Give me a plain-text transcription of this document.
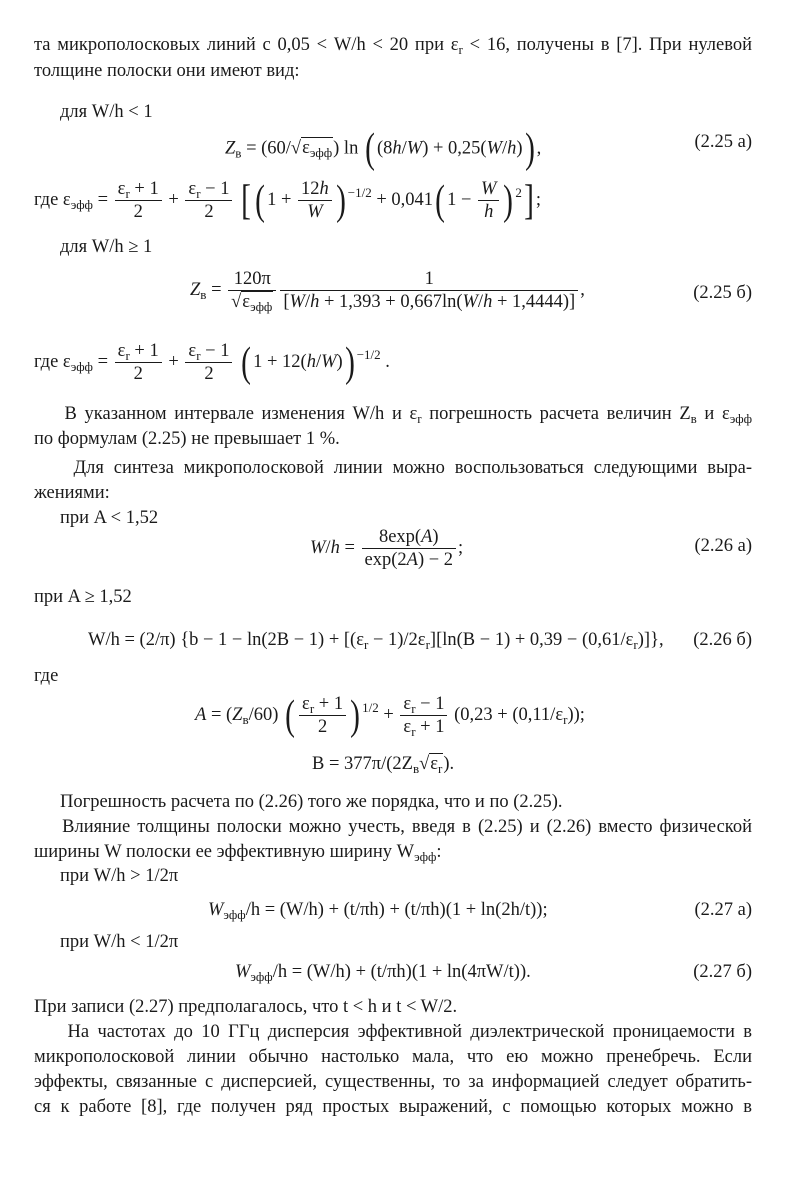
та микрополосковых линий с 0,05 < W/h < 20 при $\varepsilon_r < 16$, получены в [7]. При нулевой
толщине полоски они имеют вид:
для W/h < 1
$Z_в = (60/√\varepsilon_{эфф})$ ln ( (8h/W) + 0,25(W/h)) ,	(2.25 а)
где $\varepsilon_{эфф} = \frac{\varepsilon_r + 1}{2} + \frac{\varepsilon_r - 1}{2}$ [( $1 + \frac{12h}{W}$ ) $^{-1/2}$ + 0,041( $1 - \frac{W}{h}$ ) $^2$] ;
для W/h ≥ 1
$Z_в$ =
120π
$√\varepsilon_{эфф} \frac{1}{[W/h + 1,393 + 0,667\ln(W/h + 1,4444)]}$ ,	(2.25 б)
где $\varepsilon_{эфф} = \frac{\varepsilon_r + 1}{2} + \frac{\varepsilon_r - 1}{2}$ ( 1 + 12(h/W)) $^{-1/2}$ .
В указанном интервале изменения W/h и $\varepsilon_r$ погрешность расчета величин $Z_в$ и $\varepsilon_{эфф}$
по формулам (2.25) не превышает 1 %.
Для синтеза микрополосковой линии можно воспользоваться следующими выра-
жениями:
при A < 1,52
$W/h = \frac{8\exp(A)}{\exp(2A) - 2}$ ;	(2.26 а)
при A ≥ 1,52
W/h = (2/π) $\{b - 1 - \ln(2B - 1) + [(\varepsilon_r - 1)/2\varepsilon_r][\ln(B - 1) + 0,39 - (0,61/\varepsilon_r)]\}$, (2.26 б)
где
$A = (Z_в/60)$ ( $\frac{\varepsilon_r + 1}{2}$ ) $^{1/2} + \frac{\varepsilon_r - 1}{\varepsilon_r + 1} (0,23 + (0,11/\varepsilon_r))$;
$B = 377\pi/(2Z_в√\varepsilon_r)$.
Погрешность расчета по (2.26) того же порядка, что и по (2.25).
Влияние толщины полоски можно учесть, введя в (2.25) и (2.26) вместо физической
ширины W полоски ее эффективную ширину $W_{эфф}$:
при W/h > 1/2π
$W_{эфф}/h = (W/h) + (t/\pi h) + (t/\pi h)(1 + \ln(2h/t))$;	(2.27 а)
при W/h < 1/2π
$W_{эфф}/h = (W/h) + (t/\pi h)(1 + \ln(4\pi W/t))$.	(2.27 б)
При записи (2.27) предполагалось, что t < h и t < W/2.
На частотах до 10 ГГц дисперсия эффективной диэлектрической проницаемости в
микрополосковой линии обычно настолько мала, что ею можно пренебречь. Если
эффекты, связанные с дисперсией, существенны, то за информацией следует обратить-
ся к работе [8], где получен ряд простых выражений, с помощью которых можно в
